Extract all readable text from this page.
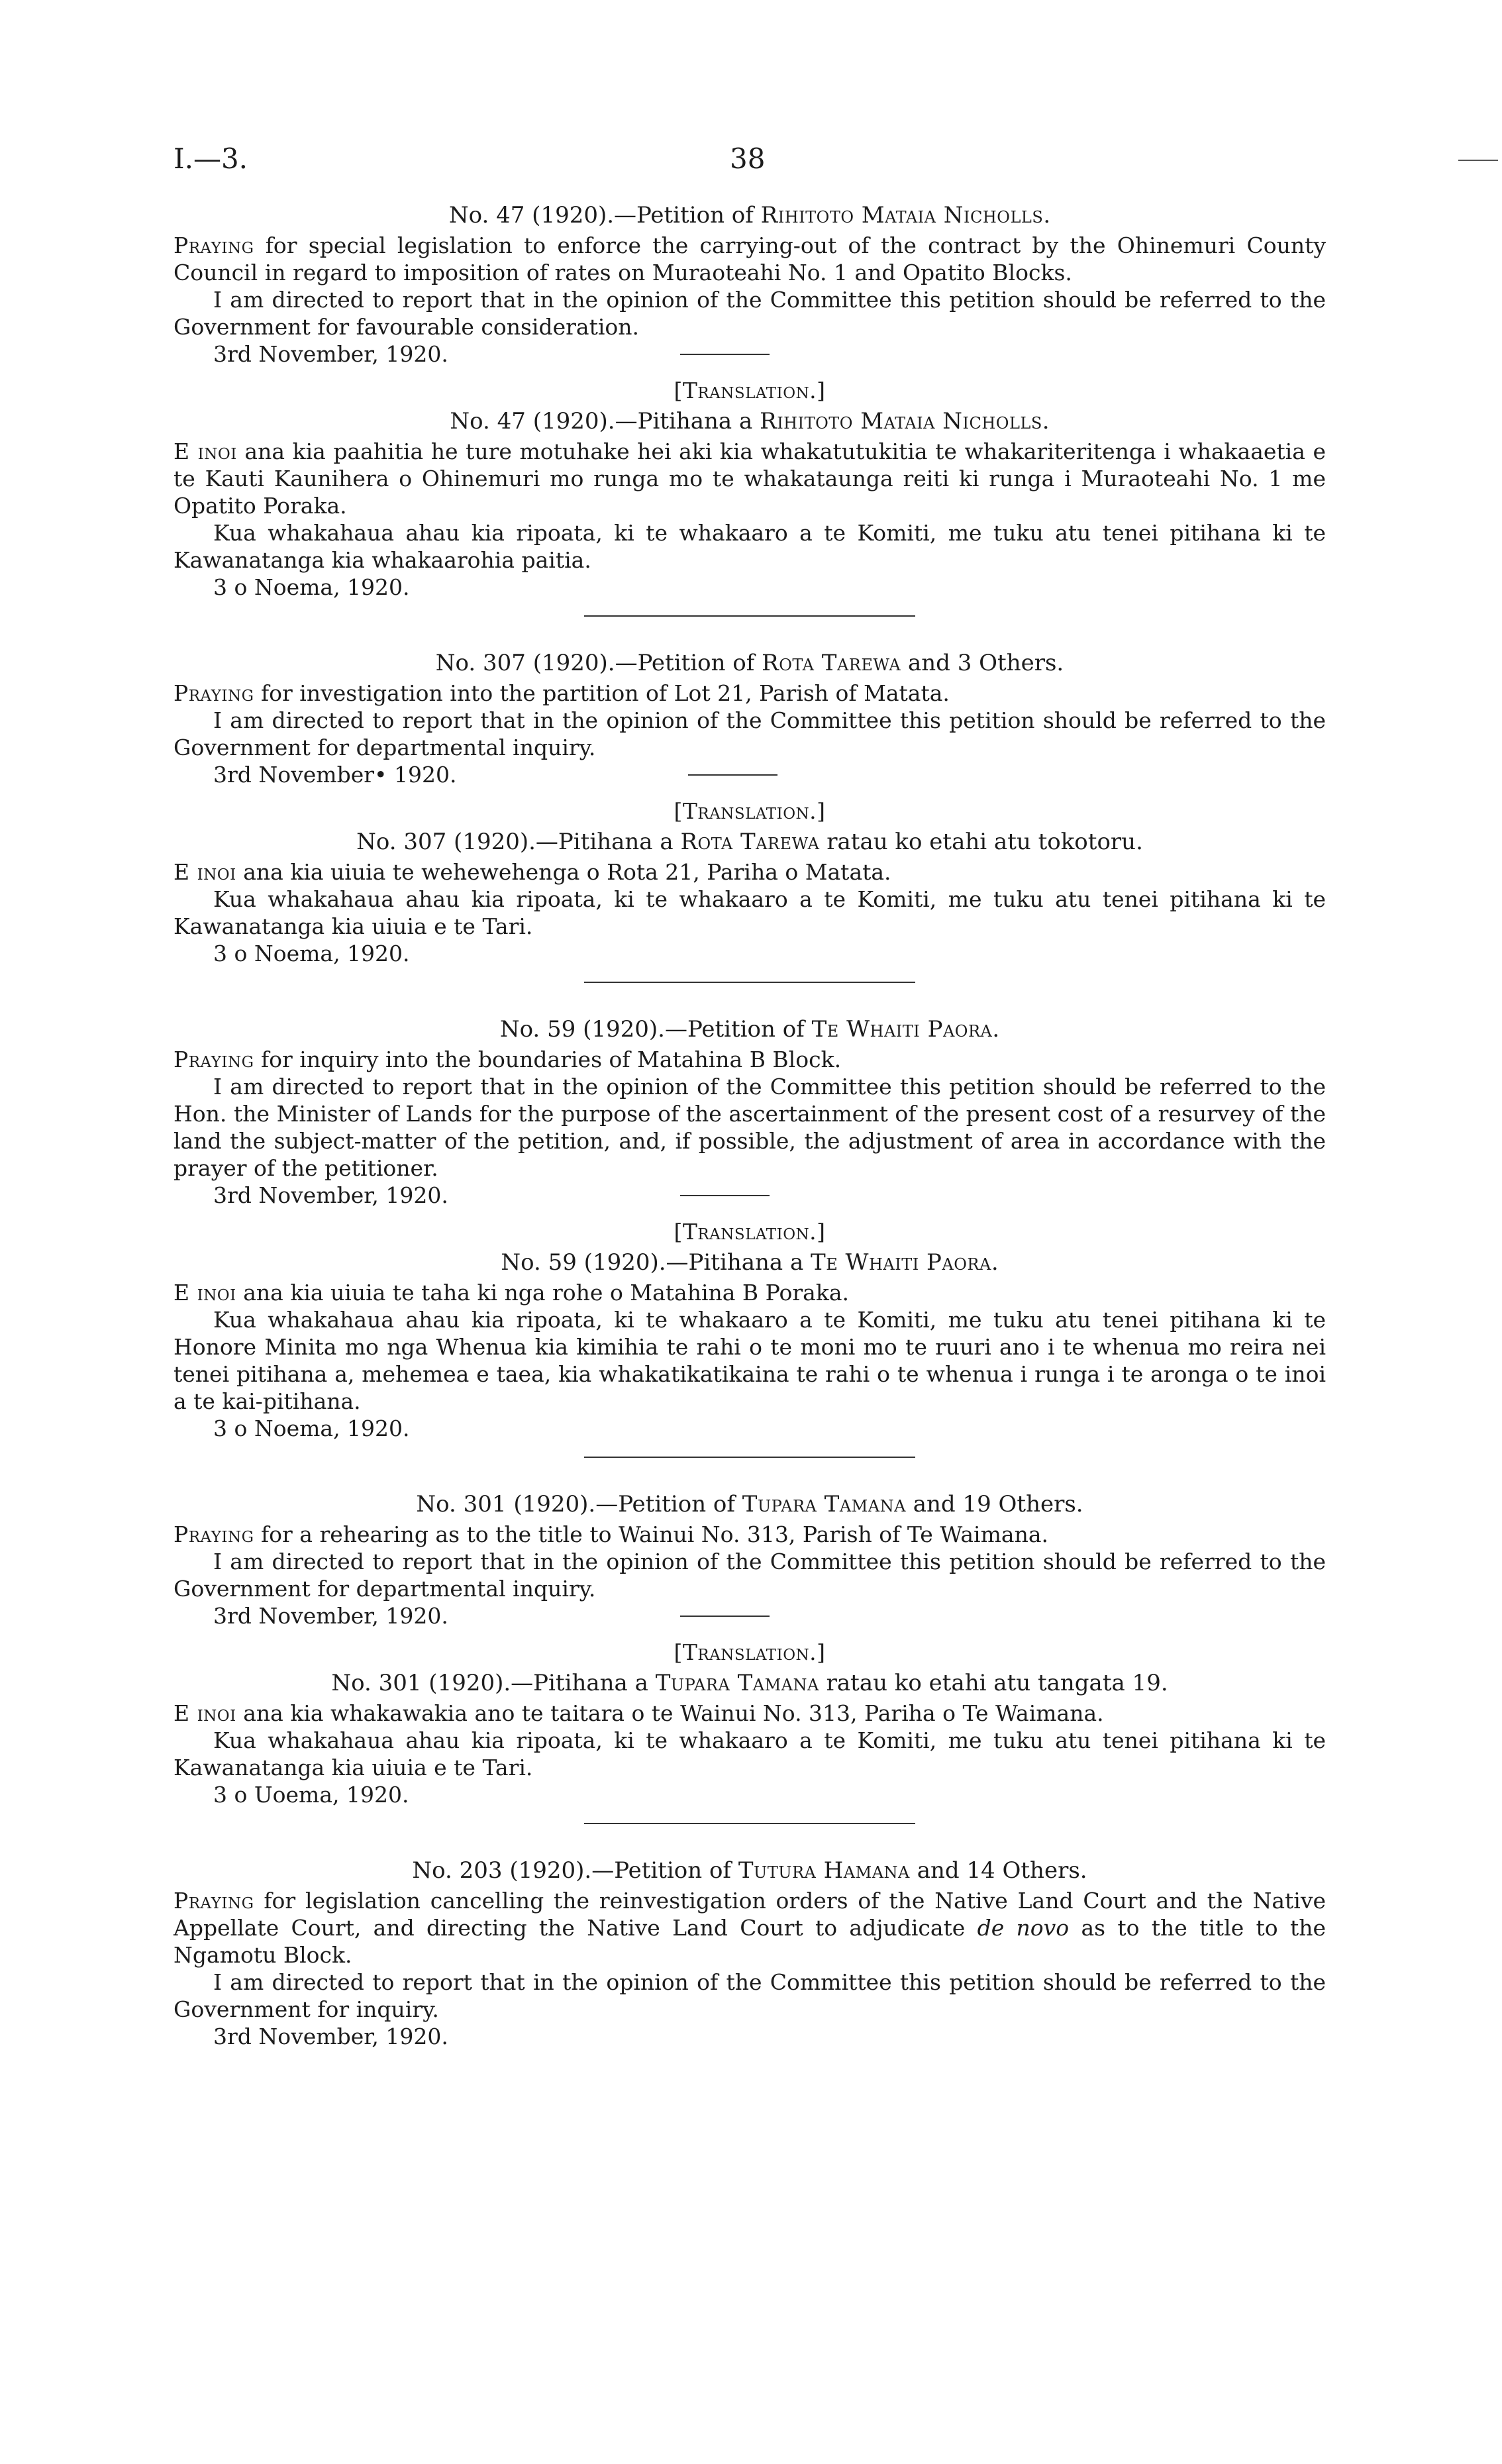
I.—3.	38
No. 47 (1920).—Petition of Rihitoto Mataia Nicholls.

Praying for special legislation to enforce the carrying-out of the contract by the Ohinemuri County Council in regard to imposition of rates on Muraoteahi No. 1 and Opatito Blocks.

I am directed to report that in the opinion of the Committee this petition should be referred to the Government for favourable consideration.

3rd November, 1920.
[Translation.]
No. 47 (1920).—Pitihana a Rihitoto Mataia Nicholls.

E inoi ana kia paahitia he ture motuhake hei aki kia whakatutukitia te whakariteritenga i whakaaetia e te Kauti Kaunihera o Ohinemuri mo runga mo te whakataunga reiti ki runga i Muraoteahi No. 1 me Opatito Poraka.

Kua whakahaua ahau kia ripoata, ki te whakaaro a te Komiti, me tuku atu tenei pitihana ki te Kawanatanga kia whakaarohia paitia.

3 o Noema, 1920.

No. 307 (1920).—Petition of Rota Tarewa and 3 Others.

Praying for investigation into the partition of Lot 21, Parish of Matata.

I am directed to report that in the opinion of the Committee this petition should be referred to the Government for departmental inquiry.

3rd November• 1920.
[Translation.]
No. 307 (1920).—Pitihana a Rota Tarewa ratau ko etahi atu tokotoru.

E inoi ana kia uiuia te wehewehenga o Rota 21, Pariha o Matata.

Kua whakahaua ahau kia ripoata, ki te whakaaro a te Komiti, me tuku atu tenei pitihana ki te Kawanatanga kia uiuia e te Tari.

3 o Noema, 1920.

No. 59 (1920).—Petition of Te Whaiti Paora.

Praying for inquiry into the boundaries of Matahina B Block.

I am directed to report that in the opinion of the Committee this petition should be referred to the Hon. the Minister of Lands for the purpose of the ascertainment of the present cost of a resurvey of the land the subject-matter of the petition, and, if possible, the adjustment of area in accordance with the prayer of the petitioner.

3rd November, 1920.
[Translation.]
No. 59 (1920).—Pitihana a Te Whaiti Paora.

E inoi ana kia uiuia te taha ki nga rohe o Matahina B Poraka.

Kua whakahaua ahau kia ripoata, ki te whakaaro a te Komiti, me tuku atu tenei pitihana ki te Honore Minita mo nga Whenua kia kimihia te rahi o te moni mo te ruuri ano i te whenua mo reira nei tenei pitihana a, mehemea e taea, kia whakatikatikaina te rahi o te whenua i runga i te aronga o te inoi a te kai-pitihana.

3 o Noema, 1920.

No. 301 (1920).—Petition of Tupara Tamana and 19 Others.

Praying for a rehearing as to the title to Wainui No. 313, Parish of Te Waimana.

I am directed to report that in the opinion of the Committee this petition should be referred to the Government for departmental inquiry.

3rd November, 1920.
[Translation.]
No. 301 (1920).—Pitihana a Tupara Tamana ratau ko etahi atu tangata 19.

E inoi ana kia whakawakia ano te taitara o te Wainui No. 313, Pariha o Te Waimana.

Kua whakahaua ahau kia ripoata, ki te whakaaro a te Komiti, me tuku atu tenei pitihana ki te Kawanatanga kia uiuia e te Tari.

3 o Uoema, 1920.

No. 203 (1920).—Petition of Tutura Hamana and 14 Others.

Praying for legislation cancelling the reinvestigation orders of the Native Land Court and the Native Appellate Court, and directing the Native Land Court to adjudicate de novo as to the title to the Ngamotu Block.

I am directed to report that in the opinion of the Committee this petition should be referred to the Government for inquiry.

3rd November, 1920.
